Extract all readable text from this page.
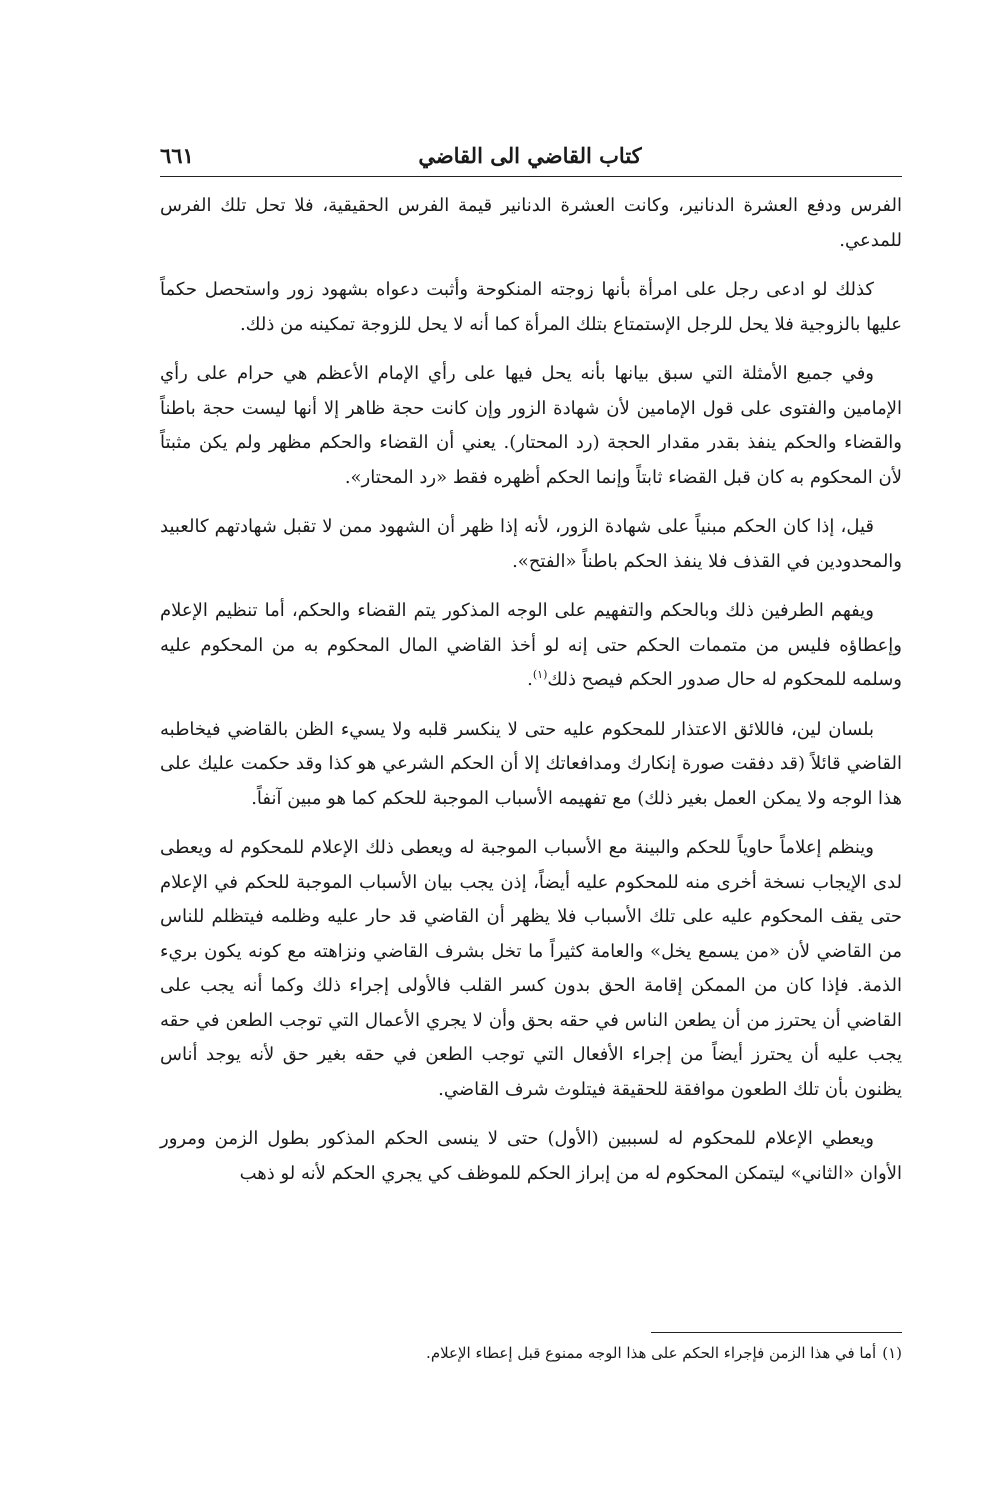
كتاب القاضي الى القاضي
٦٦١

الفرس ودفع العشرة الدنانير، وكانت العشرة الدنانير قيمة الفرس الحقيقية، فلا تحل تلك الفرس للمدعي.

كذلك لو ادعى رجل على امرأة بأنها زوجته المنكوحة وأثبت دعواه بشهود زور واستحصل حكماً عليها بالزوجية فلا يحل للرجل الإستمتاع بتلك المرأة كما أنه لا يحل للزوجة تمكينه من ذلك.

وفي جميع الأمثلة التي سبق بيانها بأنه يحل فيها على رأي الإمام الأعظم هي حرام على رأي الإمامين والفتوى على قول الإمامين لأن شهادة الزور وإن كانت حجة ظاهر إلا أنها ليست حجة باطناً والقضاء والحكم ينفذ بقدر مقدار الحجة (رد المحتار). يعني أن القضاء والحكم مظهر ولم يكن مثبتاً لأن المحكوم به كان قبل القضاء ثابتاً وإنما الحكم أظهره فقط «رد المحتار».

قيل، إذا كان الحكم مبنياً على شهادة الزور، لأنه إذا ظهر أن الشهود ممن لا تقبل شهادتهم كالعبيد والمحدودين في القذف فلا ينفذ الحكم باطناً «الفتح».

ويفهم الطرفين ذلك وبالحكم والتفهيم على الوجه المذكور يتم القضاء والحكم، أما تنظيم الإعلام وإعطاؤه فليس من متممات الحكم حتى إنه لو أخذ القاضي المال المحكوم به من المحكوم عليه وسلمه للمحكوم له حال صدور الحكم فيصح ذلك$^{(١)}$.

بلسان لين، فاللائق الاعتذار للمحكوم عليه حتى لا ينكسر قلبه ولا يسيء الظن بالقاضي فيخاطبه القاضي قائلاً (قد دفقت صورة إنكارك ومدافعاتك إلا أن الحكم الشرعي هو كذا وقد حكمت عليك على هذا الوجه ولا يمكن العمل بغير ذلك) مع تفهيمه الأسباب الموجبة للحكم كما هو مبين آنفاً.

وينظم إعلاماً حاوياً للحكم والبينة مع الأسباب الموجبة له ويعطى ذلك الإعلام للمحكوم له ويعطى لدى الإيجاب نسخة أخرى منه للمحكوم عليه أيضاً، إذن يجب بيان الأسباب الموجبة للحكم في الإعلام حتى يقف المحكوم عليه على تلك الأسباب فلا يظهر أن القاضي قد حار عليه وظلمه فيتظلم للناس من القاضي لأن «من يسمع يخل» والعامة كثيراً ما تخل بشرف القاضي ونزاهته مع كونه يكون بريء الذمة. فإذا كان من الممكن إقامة الحق بدون كسر القلب فالأولى إجراء ذلك وكما أنه يجب على القاضي أن يحترز من أن يطعن الناس في حقه بحق وأن لا يجري الأعمال التي توجب الطعن في حقه يجب عليه أن يحترز أيضاً من إجراء الأفعال التي توجب الطعن في حقه بغير حق لأنه يوجد أناس يظنون بأن تلك الطعون موافقة للحقيقة فيتلوث شرف القاضي.

ويعطي الإعلام للمحكوم له لسببين (الأول) حتى لا ينسى الحكم المذكور بطول الزمن ومرور الأوان «الثاني» ليتمكن المحكوم له من إبراز الحكم للموظف كي يجري الحكم لأنه لو ذهب

(١)أما في هذا الزمن فإجراء الحكم على هذا الوجه ممنوع قبل إعطاء الإعلام.
